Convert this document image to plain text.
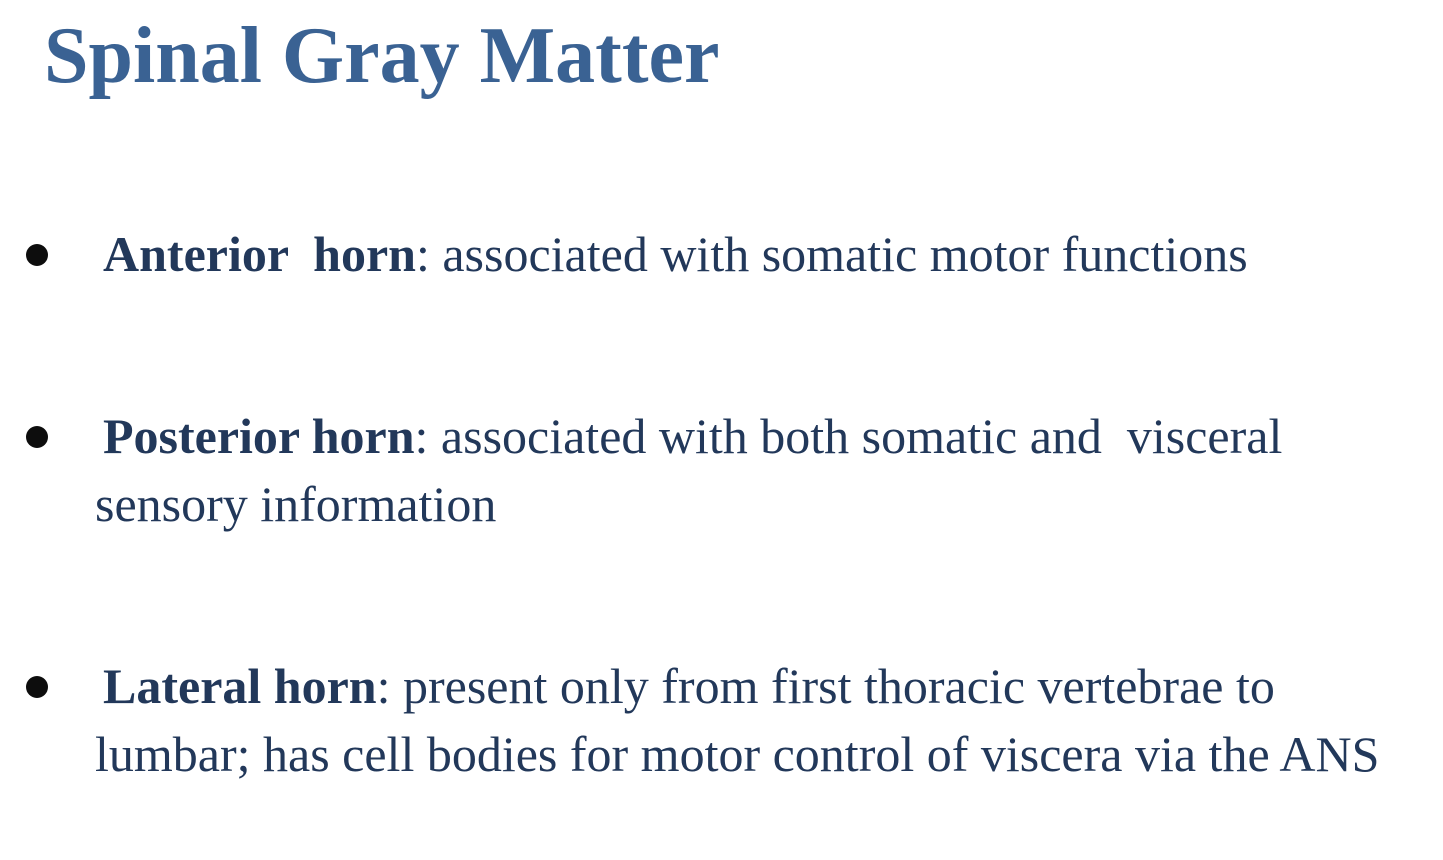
Spinal Gray Matter
Anterior  horn: associated with somatic motor functions
Posterior horn: associated with both somatic and  visceral sensory information
Lateral horn: present only from first thoracic vertebrae to lumbar; has cell bodies for motor control of viscera via the ANS
